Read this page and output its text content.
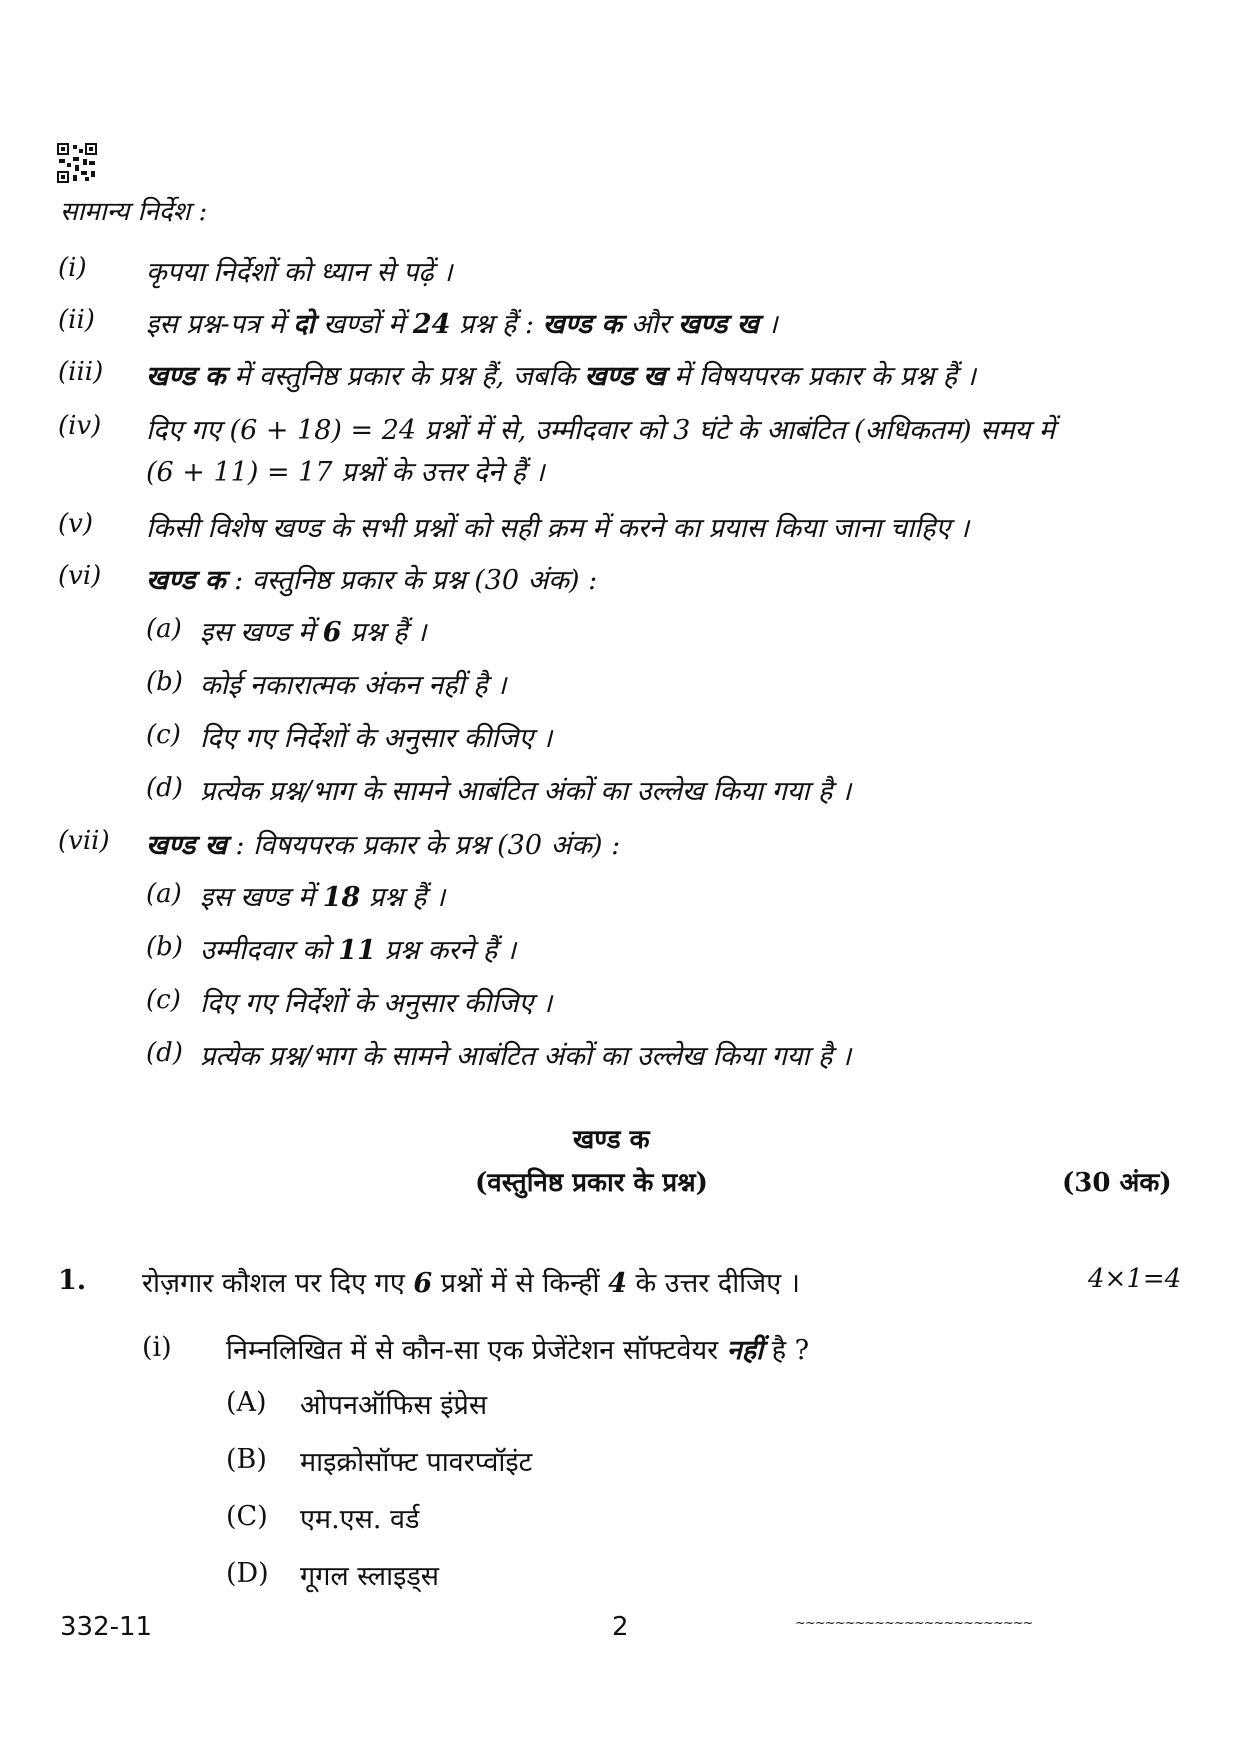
सामान्य निर्देश :
(i) कृपया निर्देशों को ध्यान से पढ़ें ।
(ii) इस प्रश्न-पत्र में दो खण्डों में 24 प्रश्न हैं : खण्ड क और खण्ड ख ।
(iii) खण्ड क में वस्तुनिष्ठ प्रकार के प्रश्न हैं, जबकि खण्ड ख में विषयपरक प्रकार के प्रश्न हैं ।
(iv) दिए गए (6 + 18) = 24 प्रश्नों में से, उम्मीदवार को 3 घंटे के आबंटित (अधिकतम) समय में
(6 + 11) = 17 प्रश्नों के उत्तर देने हैं ।
(v) किसी विशेष खण्ड के सभी प्रश्नों को सही क्रम में करने का प्रयास किया जाना चाहिए ।
(vi) खण्ड क : वस्तुनिष्ठ प्रकार के प्रश्न (30 अंक) :
(a) इस खण्ड में 6 प्रश्न हैं ।
(b) कोई नकारात्मक अंकन नहीं है ।
(c) दिए गए निर्देशों के अनुसार कीजिए ।
(d) प्रत्येक प्रश्न/भाग के सामने आबंटित अंकों का उल्लेख किया गया है ।
(vii) खण्ड ख : विषयपरक प्रकार के प्रश्न (30 अंक) :
(a) इस खण्ड में 18 प्रश्न हैं ।
(b) उम्मीदवार को 11 प्रश्न करने हैं ।
(c) दिए गए निर्देशों के अनुसार कीजिए ।
(d) प्रत्येक प्रश्न/भाग के सामने आबंटित अंकों का उल्लेख किया गया है ।
खण्ड क
(वस्तुनिष्ठ प्रकार के प्रश्न)	(30 अंक)
1. रोज़गार कौशल पर दिए गए 6 प्रश्नों में से किन्हीं 4 के उत्तर दीजिए ।	4×1=4
(i) निम्नलिखित में से कौन-सा एक प्रेजेंटेशन सॉफ्टवेयर नहीं है ?
(A) ओपनऑफिस इंप्रेस
(B) माइक्रोसॉफ्ट पावरप्वॉइंट
(C) एम.एस. वर्ड
(D) गूगल स्लाइड्स
332-11	2	~~~~~~~~~~~~~~~~~~~~~~~~
